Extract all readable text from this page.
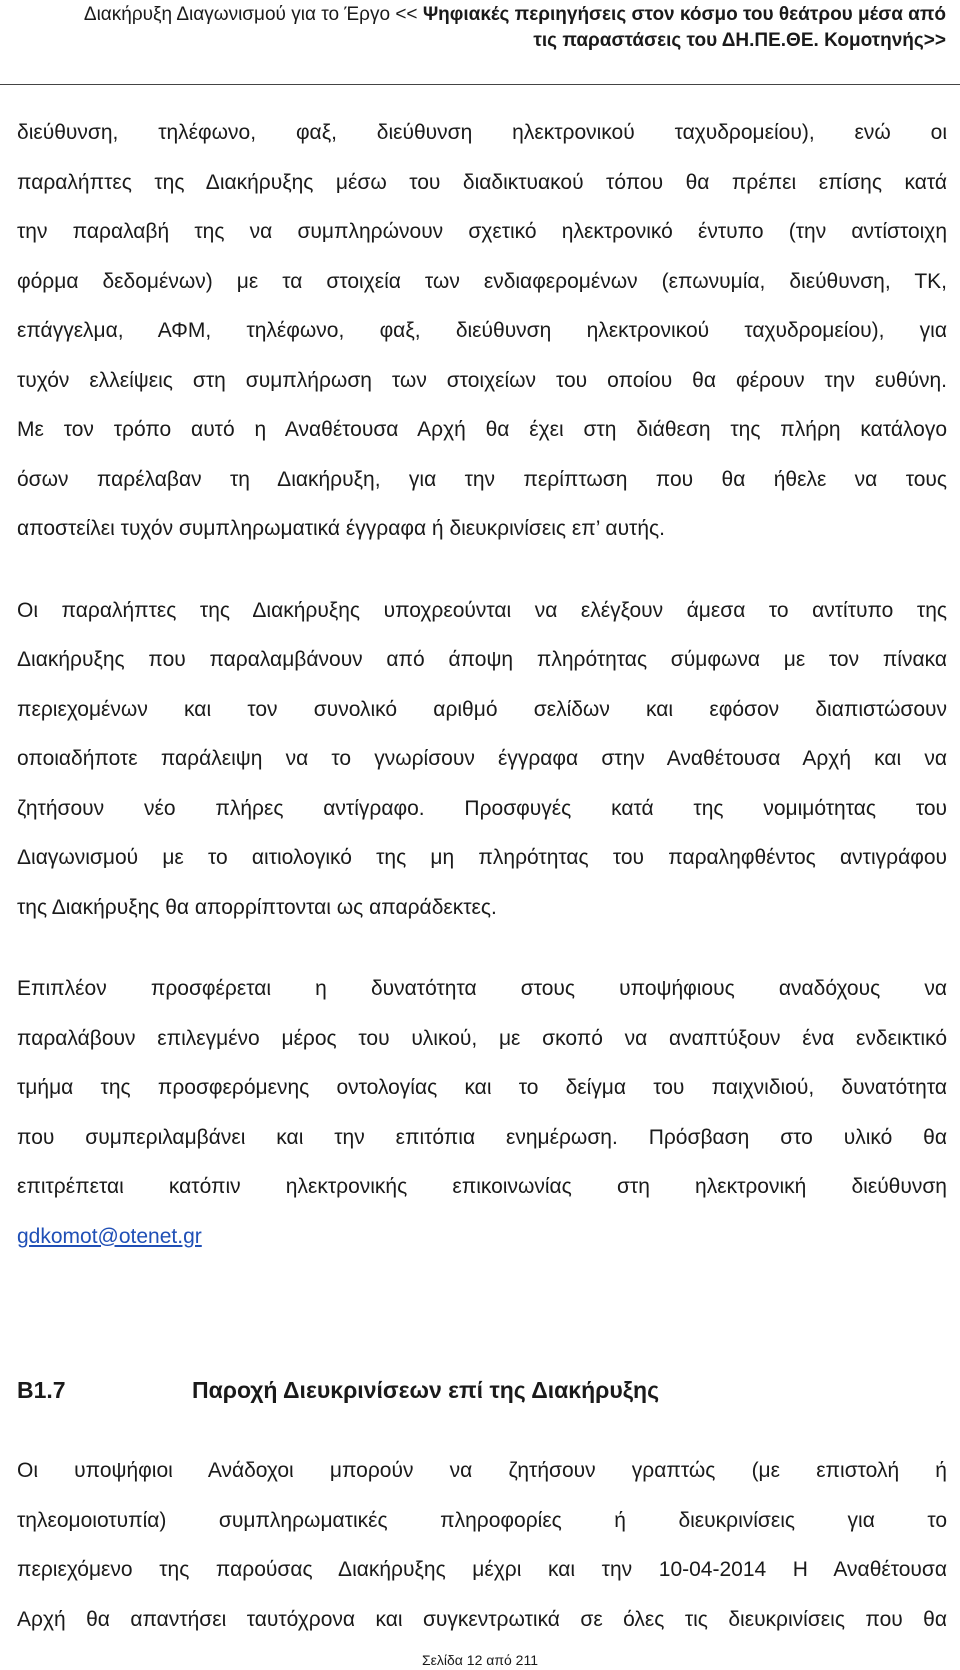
Διακήρυξη Διαγωνισμού για το Έργο << Ψηφιακές περιηγήσεις στον κόσμο του θεάτρου μέσα από
τις παραστάσεις του ΔΗ.ΠΕ.ΘΕ. Κομοτηνής>>
διεύθυνση, τηλέφωνο, φαξ, διεύθυνση ηλεκτρονικού ταχυδρομείου), ενώ οι
παραλήπτες της Διακήρυξης μέσω του διαδικτυακού τόπου θα πρέπει επίσης κατά
την παραλαβή της να συμπληρώνουν σχετικό ηλεκτρονικό έντυπο (την αντίστοιχη
φόρμα δεδομένων) με τα στοιχεία των ενδιαφερομένων (επωνυμία, διεύθυνση, ΤΚ,
επάγγελμα, ΑΦΜ, τηλέφωνο, φαξ, διεύθυνση ηλεκτρονικού ταχυδρομείου), για
τυχόν ελλείψεις στη συμπλήρωση των στοιχείων του οποίου θα φέρουν την ευθύνη.
Με τον τρόπο αυτό η Αναθέτουσα Αρχή θα έχει στη διάθεση της πλήρη κατάλογο
όσων παρέλαβαν τη Διακήρυξη, για την περίπτωση που θα ήθελε να τους
αποστείλει τυχόν συμπληρωματικά έγγραφα ή διευκρινίσεις επ’ αυτής.
Οι παραλήπτες της Διακήρυξης υποχρεούνται να ελέγξουν άμεσα το αντίτυπο της
Διακήρυξης που παραλαμβάνουν από άποψη πληρότητας σύμφωνα με τον πίνακα
περιεχομένων και τον συνολικό αριθμό σελίδων και εφόσον διαπιστώσουν
οποιαδήποτε παράλειψη να το γνωρίσουν έγγραφα στην Αναθέτουσα Αρχή και να
ζητήσουν νέο πλήρες αντίγραφο. Προσφυγές κατά της νομιμότητας του
Διαγωνισμού με το αιτιολογικό της μη πληρότητας του παραληφθέντος αντιγράφου
της Διακήρυξης θα απορρίπτονται ως απαράδεκτες.
Επιπλέον προσφέρεται η δυνατότητα στους υποψήφιους αναδόχους να
παραλάβουν επιλεγμένο μέρος του υλικού, με σκοπό να αναπτύξουν ένα ενδεικτικό
τμήμα της προσφερόμενης οντολογίας και το δείγμα του παιχνιδιού, δυνατότητα
που συμπεριλαμβάνει και την επιτόπια ενημέρωση. Πρόσβαση στο υλικό θα
επιτρέπεται κατόπιν ηλεκτρονικής επικοινωνίας στη ηλεκτρονική διεύθυνση
gdkomot@otenet.gr
Β1.7	Παροχή Διευκρινίσεων επί της Διακήρυξης
Οι υποψήφιοι Ανάδοχοι μπορούν να ζητήσουν γραπτώς (με επιστολή ή
τηλεομοιοτυπία) συμπληρωματικές πληροφορίες ή διευκρινίσεις για το
περιεχόμενο της παρούσας Διακήρυξης μέχρι και την 10-04-2014 Η Αναθέτουσα
Αρχή θα απαντήσει ταυτόχρονα και συγκεντρωτικά σε όλες τις διευκρινίσεις που θα
Σελίδα 12 από 211
